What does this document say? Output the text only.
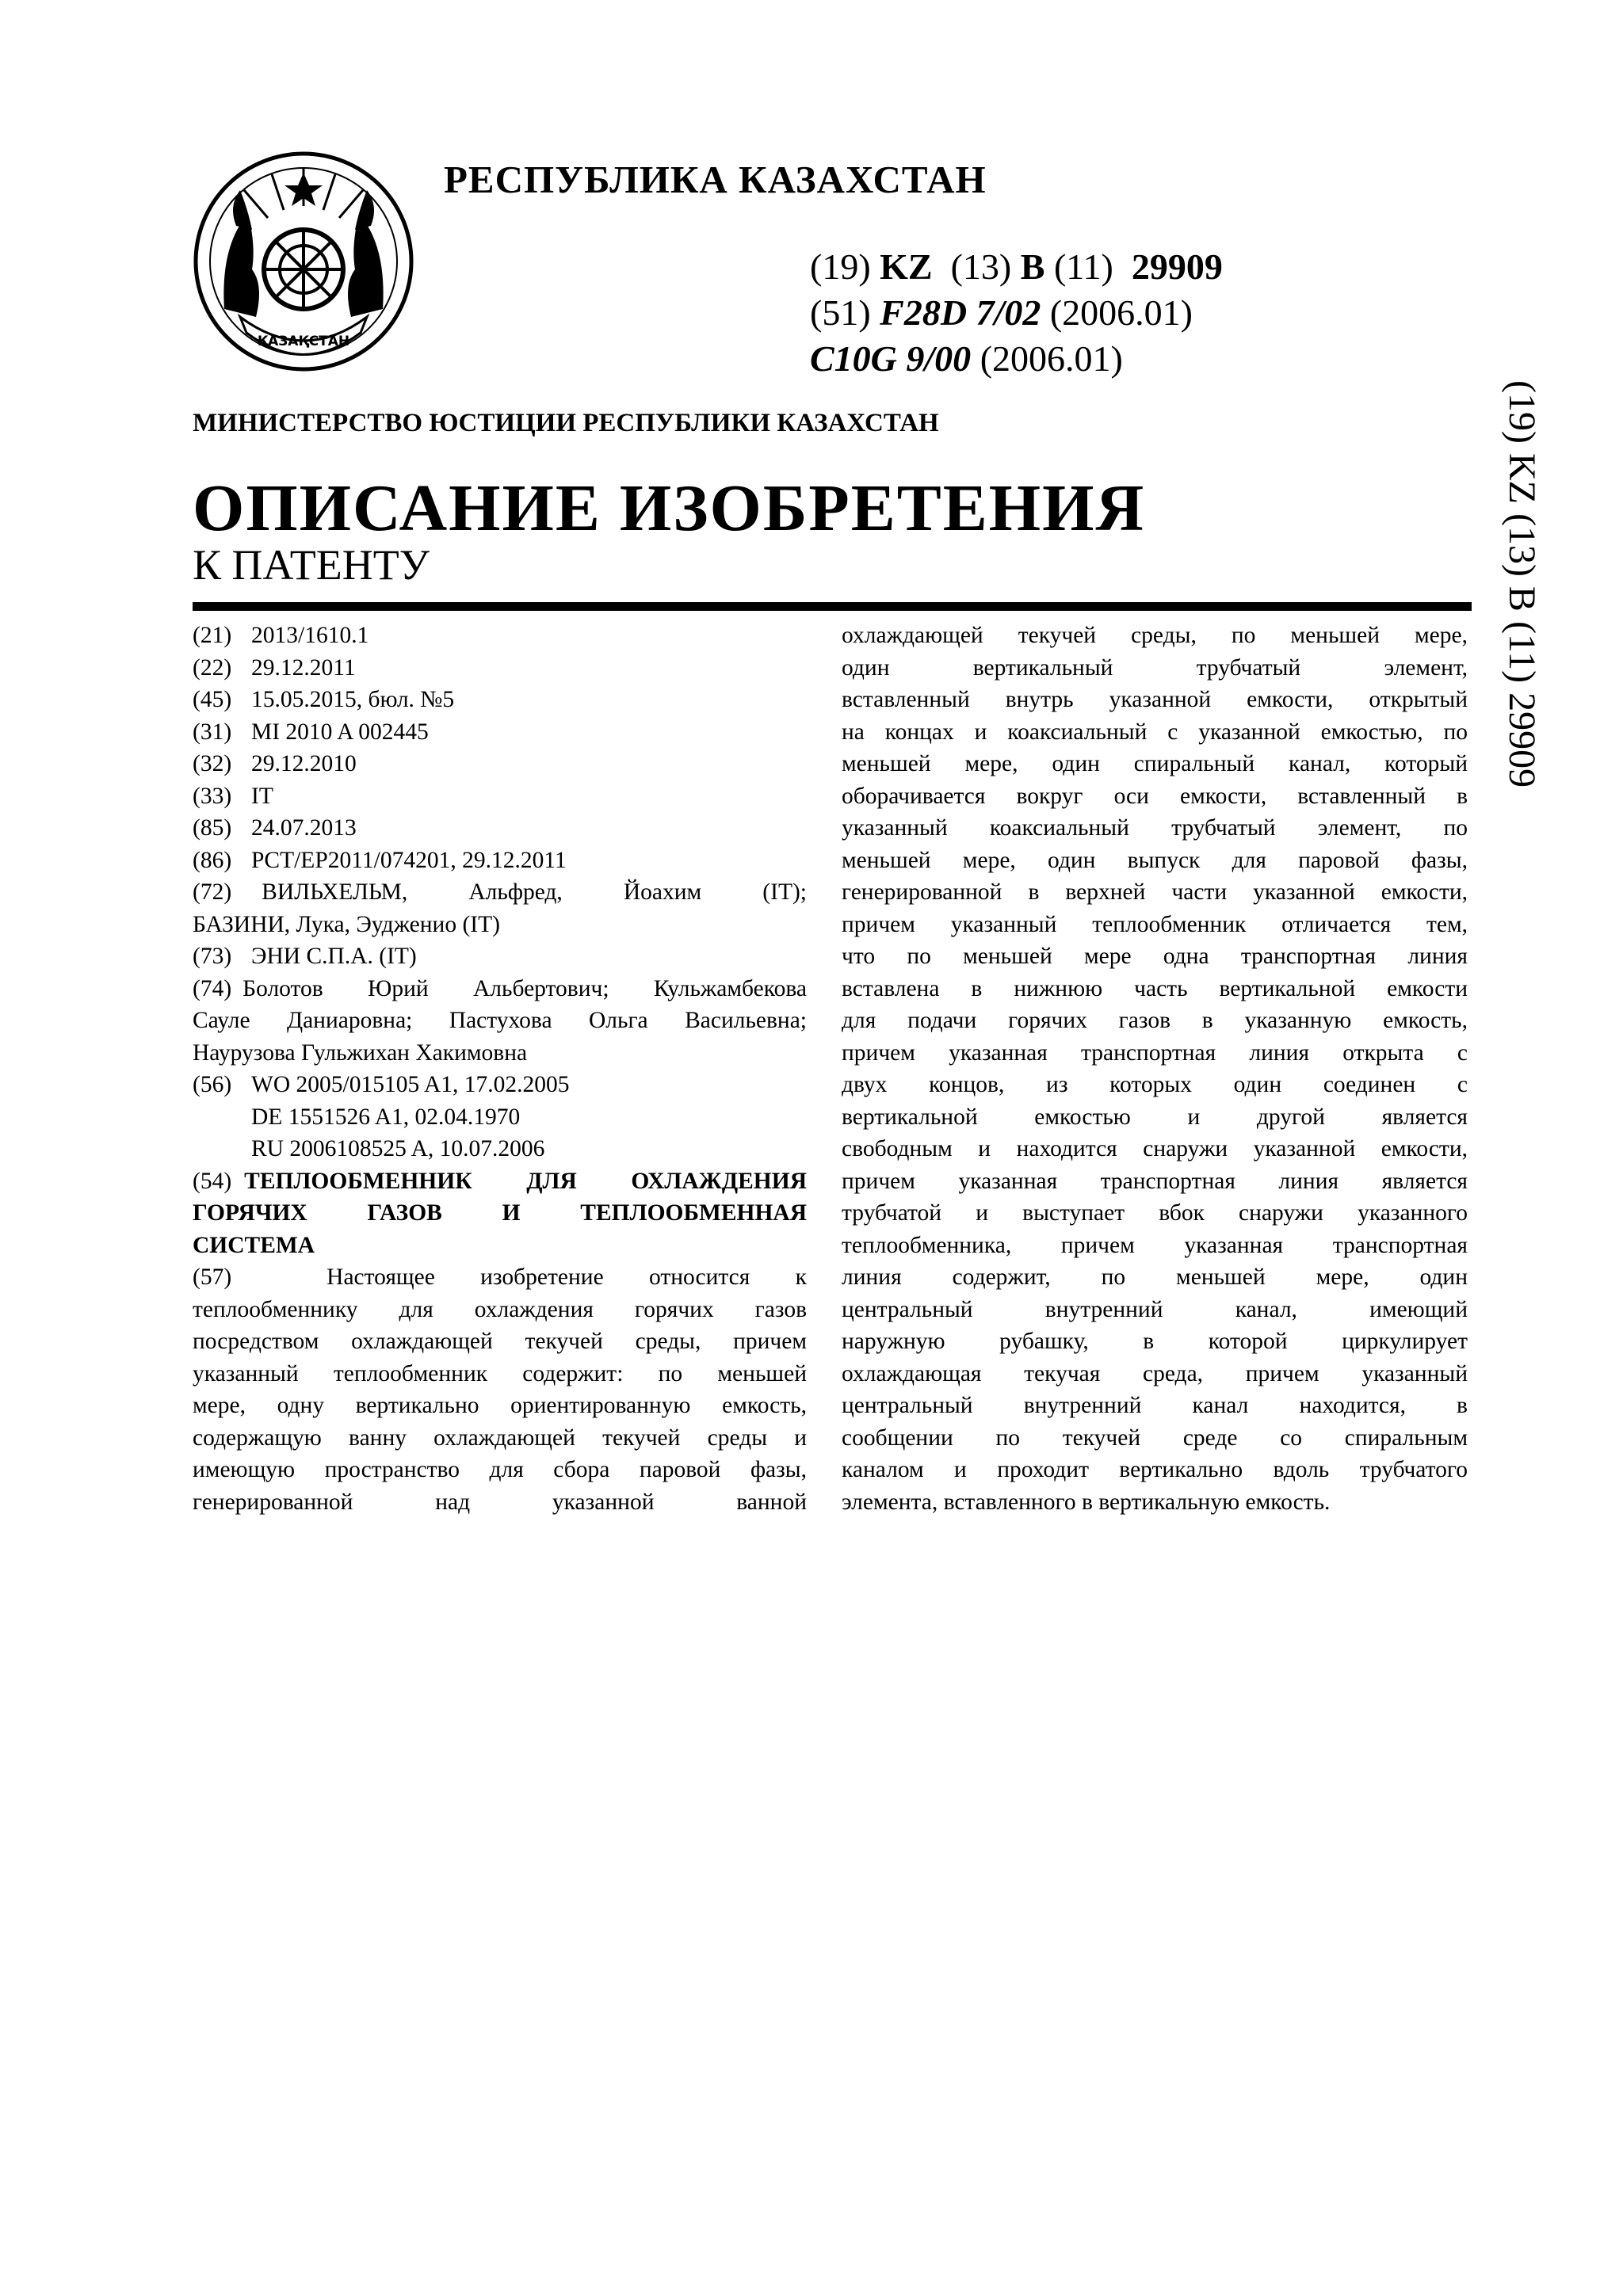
ҚАЗАҚСТАН
РЕСПУБЛИКА КАЗАХСТАН
(19) KZ (13) B (11) 29909
(51) F28D 7/02 (2006.01)
C10G 9/00 (2006.01)
МИНИСТЕРСТВО ЮСТИЦИИ РЕСПУБЛИКИ КАЗАХСТАН
ОПИСАНИЕ ИЗОБРЕТЕНИЯ
К ПАТЕНТУ	(19) KZ (13) B (11) 29909
(21) 2013/1610.1
(22) 29.12.2011
(45) 15.05.2015, бюл. №5
(31) MI 2010 A 002445
(32) 29.12.2010
(33) IT
(85) 24.07.2013
(86) PCT/EP2011/074201, 29.12.2011
(72) ВИЛЬХЕЛЬМ, Альфред, Йоахим (IT);
БАЗИНИ, Лука, Эудженио (IT)
(73) ЭНИ С.П.А. (IT)
(74) Болотов Юрий Альбертович; Кульжамбекова
Сауле Даниаровна; Пастухова Ольга Васильевна;
Наурузова Гульжихан Хакимовна
(56) WO 2005/015105 A1, 17.02.2005
DE 1551526 A1, 02.04.1970
RU 2006108525 A, 10.07.2006
(54) ТЕПЛООБМЕННИК ДЛЯ ОХЛАЖДЕНИЯ
ГОРЯЧИХ ГАЗОВ И ТЕПЛООБМЕННАЯ
СИСТЕМА
(57)	Настоящее изобретение относится к
теплообменнику для охлаждения горячих газов
посредством охлаждающей текучей среды, причем
указанный теплообменник содержит: по меньшей
мере, одну вертикально ориентированную емкость,
содержащую ванну охлаждающей текучей среды и
имеющую пространство для сбора паровой фазы,
генерированной над указанной ванной
охлаждающей текучей среды, по меньшей мере,
один вертикальный трубчатый элемент,
вставленный внутрь указанной емкости, открытый
на концах и коаксиальный с указанной емкостью, по
меньшей мере, один спиральный канал, который
оборачивается вокруг оси емкости, вставленный в
указанный коаксиальный трубчатый элемент, по
меньшей мере, один выпуск для паровой фазы,
генерированной в верхней части указанной емкости,
причем указанный теплообменник отличается тем,
что по меньшей мере одна транспортная линия
вставлена в нижнюю часть вертикальной емкости
для подачи горячих газов в указанную емкость,
причем указанная транспортная линия открыта с
двух концов, из которых один соединен с
вертикальной емкостью и другой является
свободным и находится снаружи указанной емкости,
причем указанная транспортная линия является
трубчатой и выступает вбок снаружи указанного
теплообменника, причем указанная транспортная
линия содержит, по меньшей мере, один
центральный внутренний канал, имеющий
наружную рубашку, в которой циркулирует
охлаждающая текучая среда, причем указанный
центральный внутренний канал находится, в
сообщении по текучей среде со спиральным
каналом и проходит вертикально вдоль трубчатого
элемента, вставленного в вертикальную емкость.
